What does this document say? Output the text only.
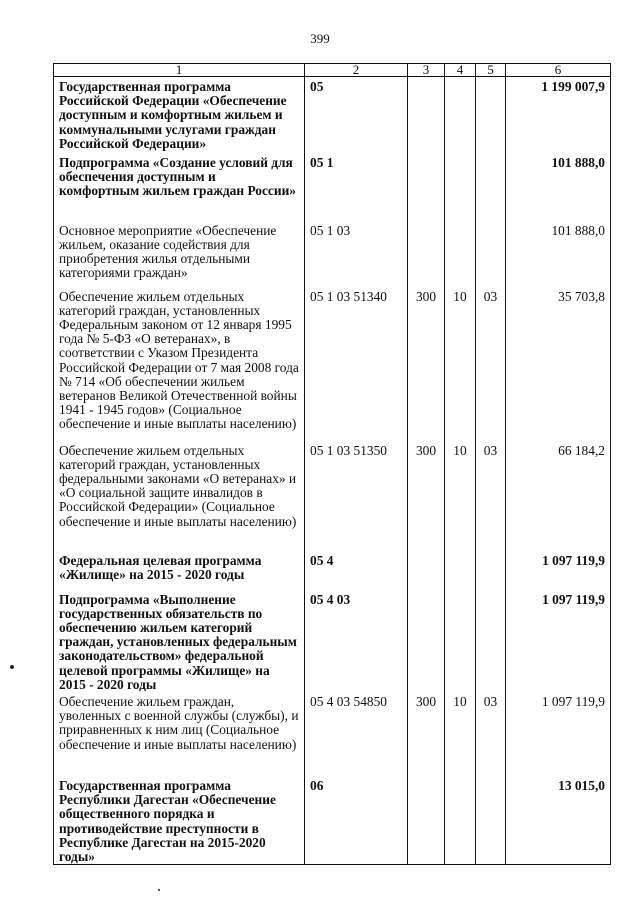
399
1	2	3	4	5	6
Государственная программа Российской Федерации «Обеспечение доступным и комфортным жильем и коммунальными услугами граждан Российской Федерации»	05				1 199 007,9
Подпрограмма «Создание условий для обеспечения доступным и комфортным жильем граждан России»	05 1				101 888,0
Основное мероприятие «Обеспечение жильем, оказание содействия для приобретения жилья отдельными категориями граждан»	05 1 03				101 888,0
Обеспечение жильем отдельных категорий граждан, установленных Федеральным законом от 12 января 1995 года № 5-ФЗ «О ветеранах», в соответствии с Указом Президента Российской Федерации от 7 мая 2008 года № 714 «Об обеспечении жильем ветеранов Великой Отечественной войны 1941 - 1945 годов» (Социальное обеспечение и иные выплаты населению)	05 1 03 51340	300	10	03	35 703,8
Обеспечение жильем отдельных категорий граждан, установленных федеральными законами «О ветеранах» и «О социальной защите инвалидов в Российской Федерации» (Социальное обеспечение и иные выплаты населению)	05 1 03 51350	300	10	03	66 184,2
Федеральная целевая программа «Жилище» на 2015 - 2020 годы	05 4				1 097 119,9
Подпрограмма «Выполнение государственных обязательств по обеспечению жильем категорий граждан, установленных федеральным законодательством» федеральной целевой программы «Жилище» на 2015 - 2020 годы	05 4 03				1 097 119,9
Обеспечение жильем граждан, уволенных с военной службы (службы), и приравненных к ним лиц (Социальное обеспечение и иные выплаты населению)	05 4 03 54850	300	10	03	1 097 119,9
Государственная программа Республики Дагестан «Обеспечение общественного порядка и противодействие преступности в Республике Дагестан на 2015-2020 годы»	06				13 015,0
